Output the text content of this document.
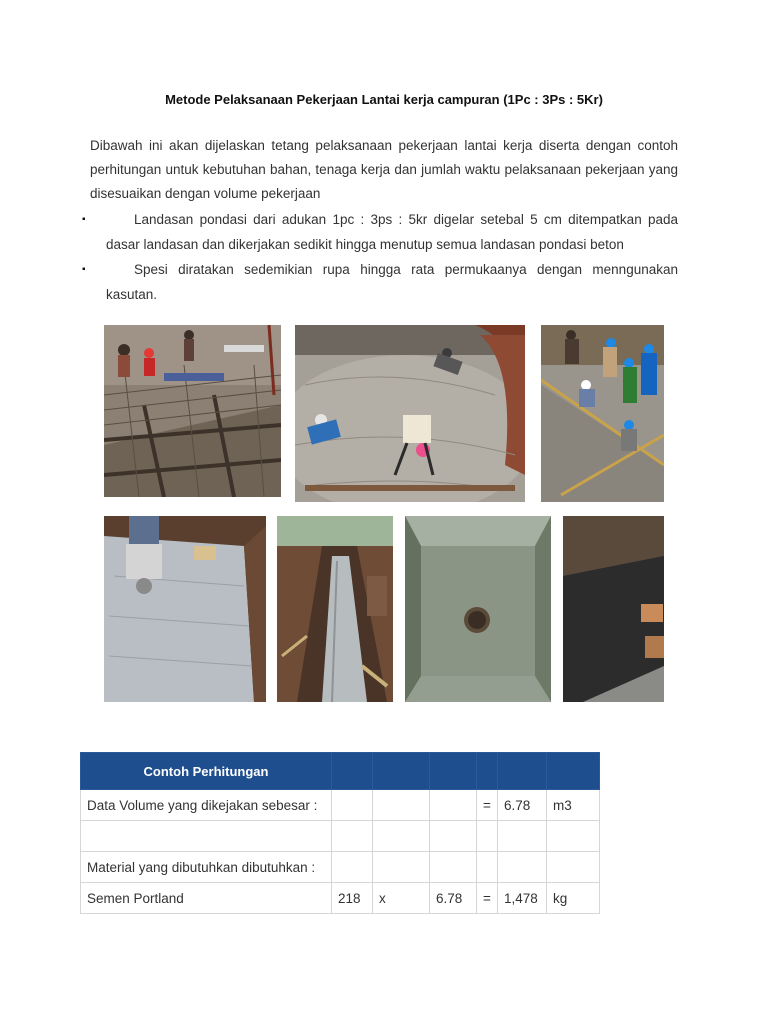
Metode Pelaksanaan Pekerjaan Lantai kerja campuran (1Pc : 3Ps : 5Kr)
Dibawah ini akan dijelaskan tetang pelaksanaan pekerjaan lantai kerja diserta dengan contoh perhitungan untuk kebutuhan bahan, tenaga kerja dan jumlah waktu pelaksanaan pekerjaan yang disesuaikan dengan volume pekerjaan
▪	Landasan pondasi dari adukan 1pc : 3ps : 5kr digelar setebal 5 cm ditempatkan pada dasar landasan dan dikerjakan sedikit hingga menutup semua landasan pondasi beton
▪	Spesi diratakan sedemikian rupa hingga rata permukaanya dengan menngunakan kasutan.
Contoh Perhitungan						
Data Volume yang dikejakan sebesar :				=	6.78	m3

Material yang dibutuhkan dibutuhkan :						
Semen Portland	218	x	6.78	=	1,478	kg
